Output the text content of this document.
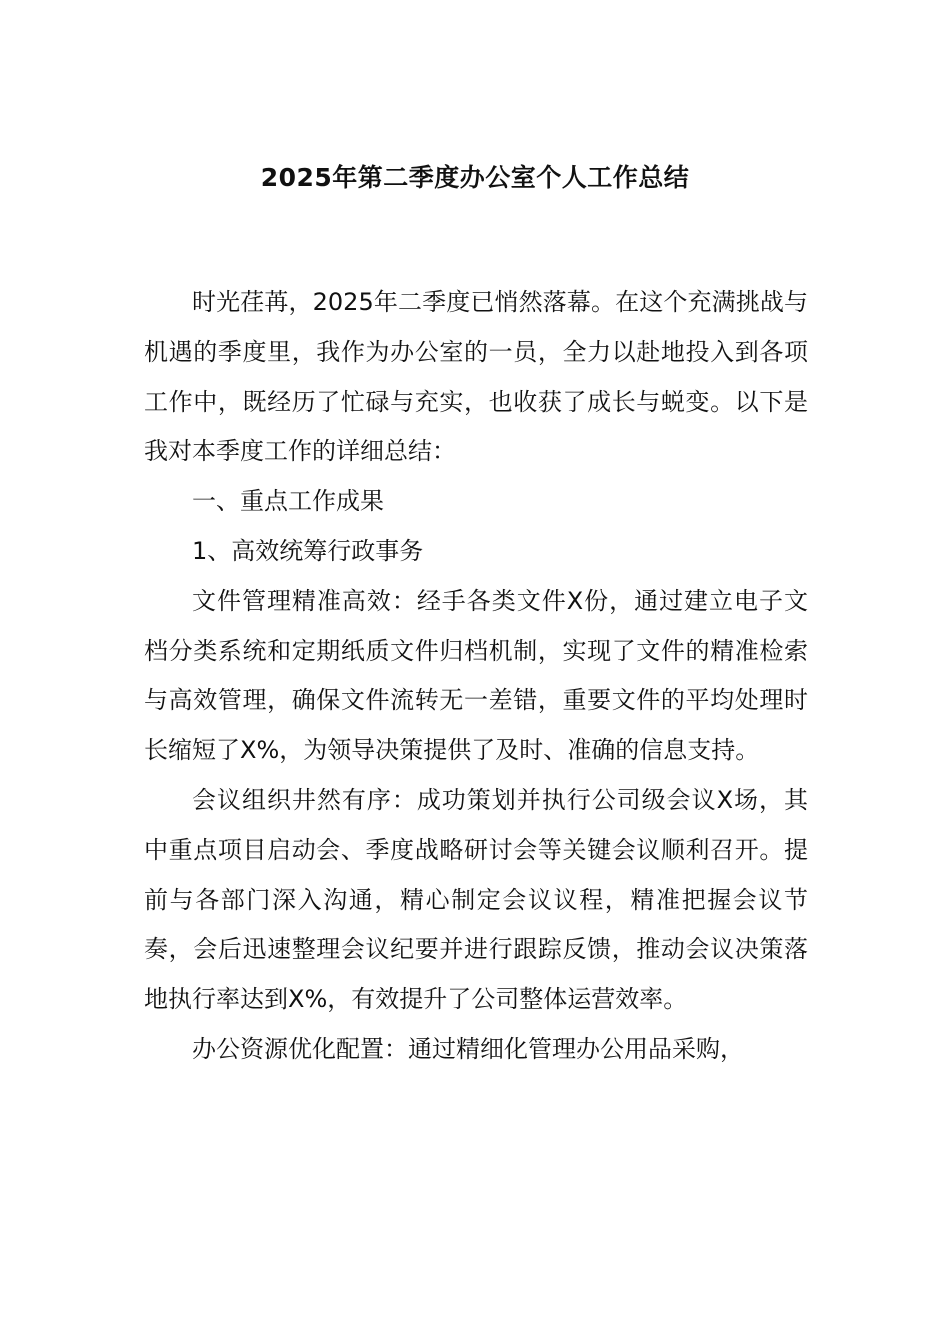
2025年第二季度办公室个人工作总结

时光荏苒，2025年二季度已悄然落幕。在这个充满挑战与机遇的季度里，我作为办公室的一员，全力以赴地投入到各项工作中，既经历了忙碌与充实，也收获了成长与蜕变。以下是我对本季度工作的详细总结：

一、重点工作成果

1、高效统筹行政事务

文件管理精准高效：经手各类文件X份，通过建立电子文档分类系统和定期纸质文件归档机制，实现了文件的精准检索与高效管理，确保文件流转无一差错，重要文件的平均处理时长缩短了X%，为领导决策提供了及时、准确的信息支持。

会议组织井然有序：成功策划并执行公司级会议X场，其中重点项目启动会、季度战略研讨会等关键会议顺利召开。提前与各部门深入沟通，精心制定会议议程，精准把握会议节奏，会后迅速整理会议纪要并进行跟踪反馈，推动会议决策落地执行率达到X%，有效提升了公司整体运营效率。

办公资源优化配置：通过精细化管理办公用品采购，
